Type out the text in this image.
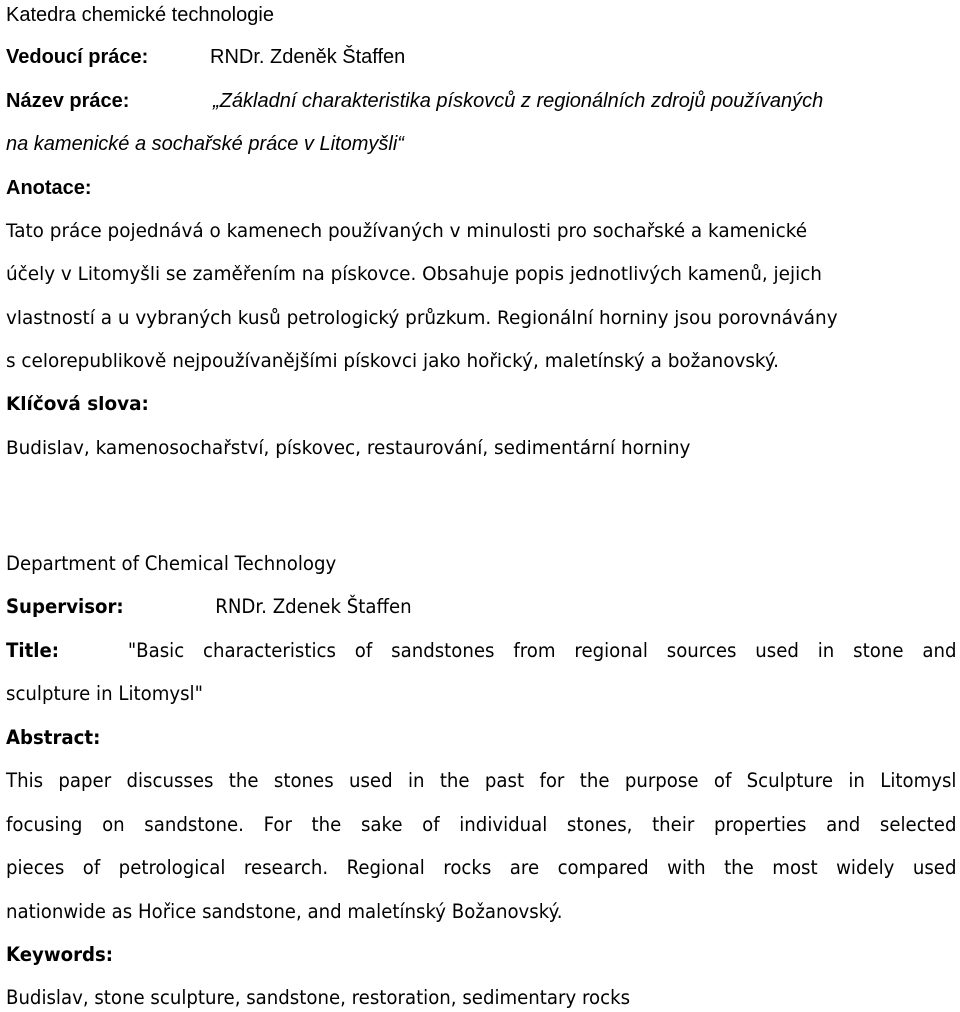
Katedra chemické technologie
Vedoucí práce:	RNDr. Zdeněk Štaffen
Název práce:	„Základní charakteristika pískovců z regionálních zdrojů používaných
na kamenické a sochařské práce v Litomyšli“
Anotace:
Tato práce pojednává o kamenech používaných v minulosti pro sochařské a kamenické
účely v Litomyšli se zaměřením na pískovce. Obsahuje popis jednotlivých kamenů, jejich
vlastností a u vybraných kusů petrologický průzkum. Regionální horniny jsou porovnávány
s celorepublikově nejpoužívanějšími pískovci jako hořický, maletínský a božanovský.
Klíčová slova:
Budislav, kamenosochařství, pískovec, restaurování, sedimentární horniny
Department of Chemical Technology
Supervisor:	RNDr. Zdenek Štaffen
Title:	"Basic characteristics of sandstones from regional sources used in stone and
sculpture in Litomysl"
Abstract:
This paper discusses the stones used in the past for the purpose of Sculpture in Litomysl
focusing on sandstone. For the sake of individual stones, their properties and selected
pieces of petrological research. Regional rocks are compared with the most widely used
nationwide as Hořice sandstone, and maletínský Božanovský.
Keywords:
Budislav, stone sculpture, sandstone, restoration, sedimentary rocks
